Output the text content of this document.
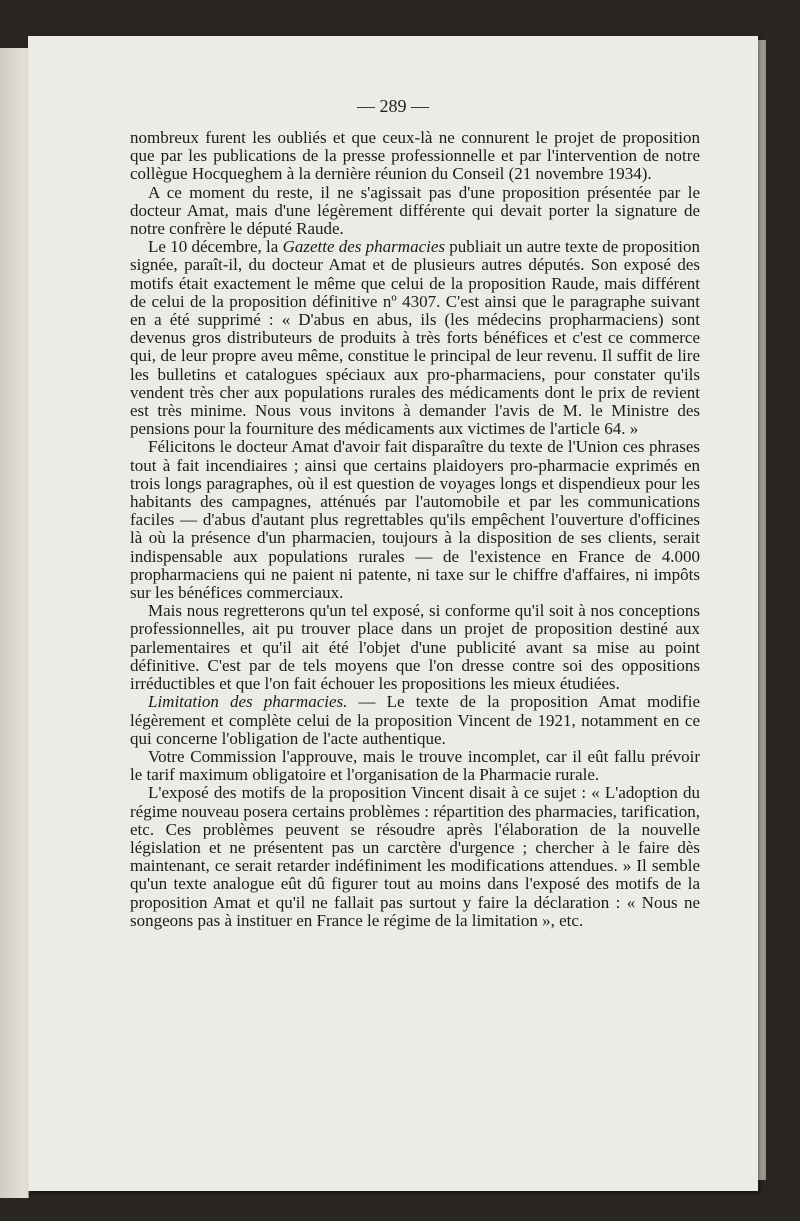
— 289 —

nombreux furent les oubliés et que ceux-là ne connurent le projet de proposition que par les publications de la presse professionnelle et par l'intervention de notre collègue Hocqueghem à la dernière réunion du Conseil (21 novembre 1934).

A ce moment du reste, il ne s'agissait pas d'une proposition présentée par le docteur Amat, mais d'une légèrement différente qui devait porter la signature de notre confrère le député Raude.

Le 10 décembre, la Gazette des pharmacies publiait un autre texte de proposition signée, paraît-il, du docteur Amat et de plusieurs autres députés. Son exposé des motifs était exactement le même que celui de la proposition Raude, mais différent de celui de la proposition définitive nº 4307. C'est ainsi que le paragraphe suivant en a été supprimé : « D'abus en abus, ils (les médecins propharmaciens) sont devenus gros distributeurs de produits à très forts bénéfices et c'est ce commerce qui, de leur propre aveu même, constitue le principal de leur revenu. Il suffit de lire les bulletins et catalogues spéciaux aux pro-pharmaciens, pour constater qu'ils vendent très cher aux populations rurales des médicaments dont le prix de revient est très minime. Nous vous invitons à demander l'avis de M. le Ministre des pensions pour la fourniture des médicaments aux victimes de l'article 64. »

Félicitons le docteur Amat d'avoir fait disparaître du texte de l'Union ces phrases tout à fait incendiaires ; ainsi que certains plaidoyers pro-pharmacie exprimés en trois longs paragraphes, où il est question de voyages longs et dispendieux pour les habitants des campagnes, atténués par l'automobile et par les communications faciles — d'abus d'autant plus regrettables qu'ils empêchent l'ouverture d'officines là où la présence d'un pharmacien, toujours à la disposition de ses clients, serait indispensable aux populations rurales — de l'existence en France de 4.000 propharmaciens qui ne paient ni patente, ni taxe sur le chiffre d'affaires, ni impôts sur les bénéfices commerciaux.

Mais nous regretterons qu'un tel exposé, si conforme qu'il soit à nos conceptions professionnelles, ait pu trouver place dans un projet de proposition destiné aux parlementaires et qu'il ait été l'objet d'une publicité avant sa mise au point définitive. C'est par de tels moyens que l'on dresse contre soi des oppositions irréductibles et que l'on fait échouer les propositions les mieux étudiées.

Limitation des pharmacies. — Le texte de la proposition Amat modifie légèrement et complète celui de la proposition Vincent de 1921, notamment en ce qui concerne l'obligation de l'acte authentique.

Votre Commission l'approuve, mais le trouve incomplet, car il eût fallu prévoir le tarif maximum obligatoire et l'organisation de la Pharmacie rurale.

L'exposé des motifs de la proposition Vincent disait à ce sujet : « L'adoption du régime nouveau posera certains problèmes : répartition des pharmacies, tarification, etc. Ces problèmes peuvent se résoudre après l'élaboration de la nouvelle législation et ne présentent pas un carctère d'urgence ; chercher à le faire dès maintenant, ce serait retarder indéfiniment les modifications attendues. » Il semble qu'un texte analogue eût dû figurer tout au moins dans l'exposé des motifs de la proposition Amat et qu'il ne fallait pas surtout y faire la déclaration : « Nous ne songeons pas à instituer en France le régime de la limitation », etc.
